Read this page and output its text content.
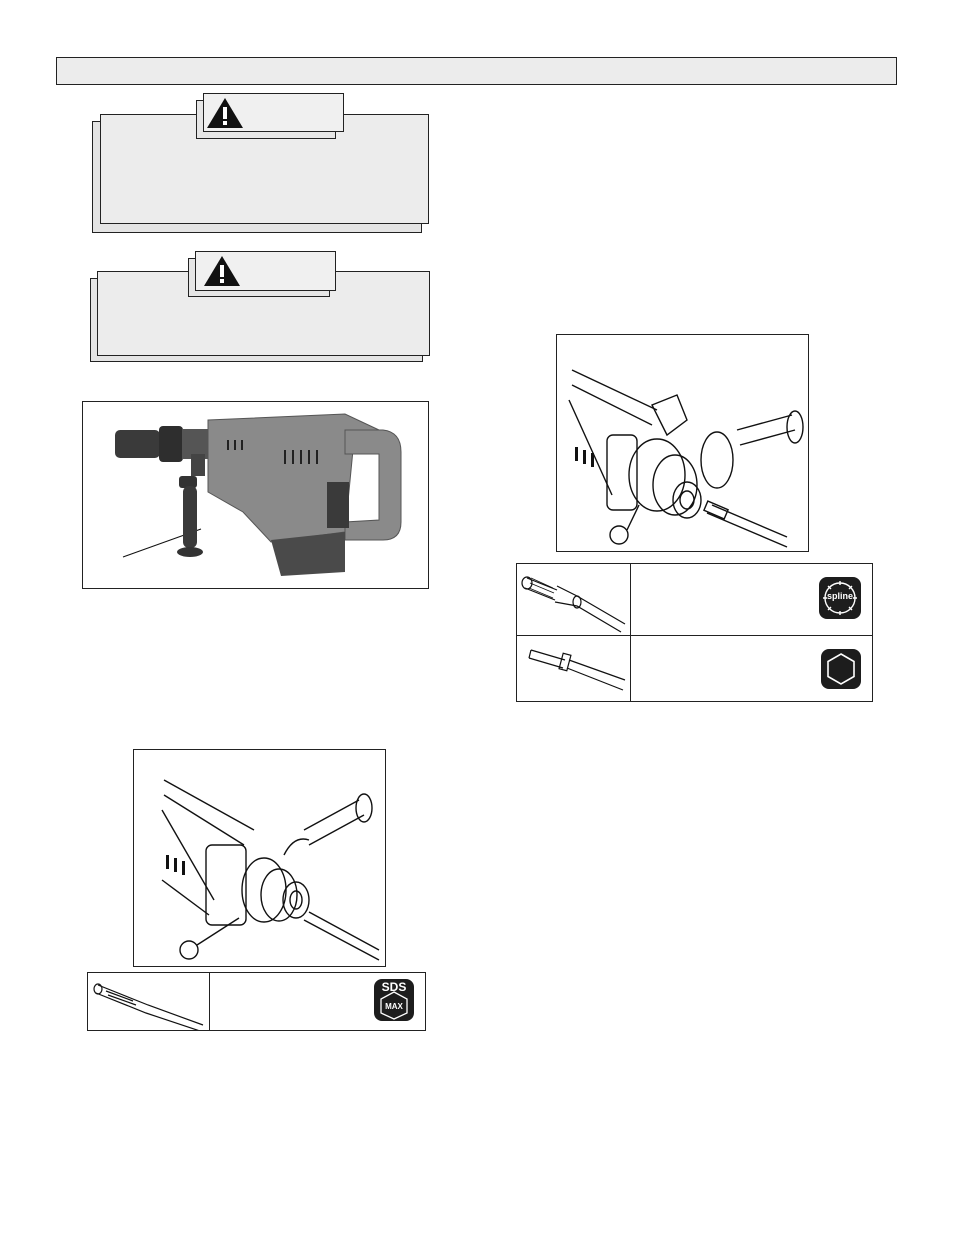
SDS
MAX
spline
